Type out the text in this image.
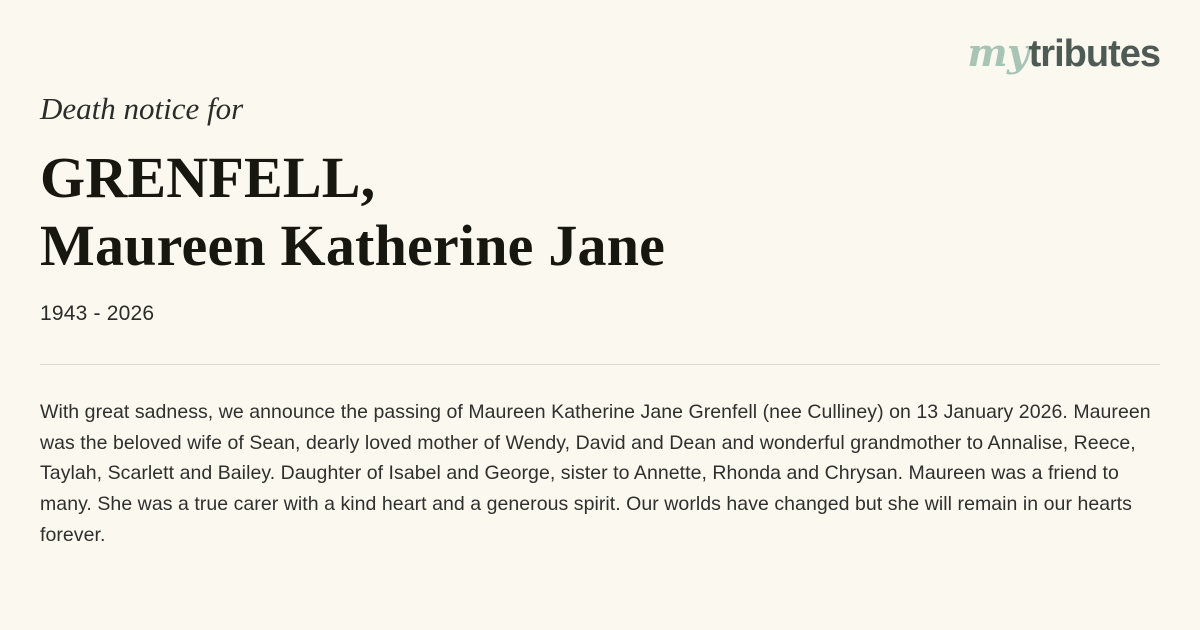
mytributes

Death notice for

GRENFELL,
Maureen Katherine Jane
1943 - 2026

With great sadness, we announce the passing of Maureen Katherine Jane Grenfell (nee Culliney) on 13 January 2026. Maureen was the beloved wife of Sean, dearly loved mother of Wendy, David and Dean and wonderful grandmother to Annalise, Reece, Taylah, Scarlett and Bailey. Daughter of Isabel and George, sister to Annette, Rhonda and Chrysan. Maureen was a friend to many. She was a true carer with a kind heart and a generous spirit. Our worlds have changed but she will remain in our hearts forever.
